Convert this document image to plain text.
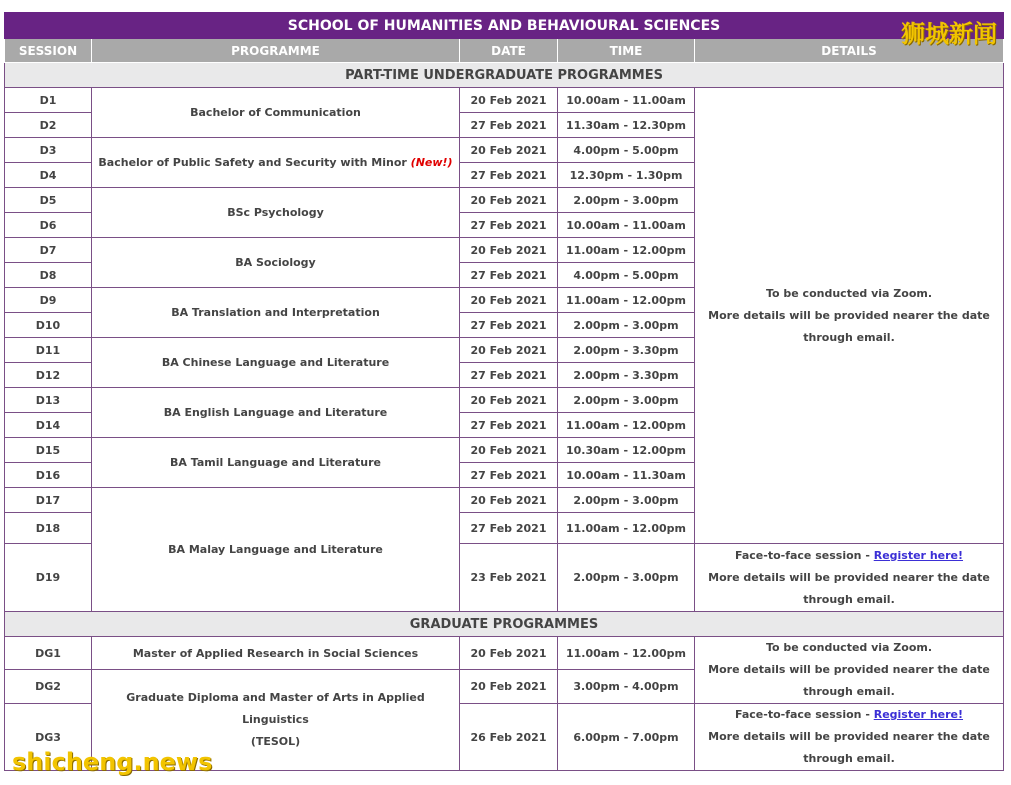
SCHOOL OF HUMANITIES AND BEHAVIOURAL SCIENCES				
SESSION	PROGRAMME	DATE	TIME	DETAILS
PART-TIME UNDERGRADUATE PROGRAMMES				
D1	Bachelor of Communication	20 Feb 2021	10.00am - 11.00am	To be conducted via Zoom.
More details will be provided nearer the date
through email.
D2		27 Feb 2021	11.30am - 12.30pm	
D3	Bachelor of Public Safety and Security with Minor (New!)	20 Feb 2021	4.00pm - 5.00pm	
D4		27 Feb 2021	12.30pm - 1.30pm	
D5	BSc Psychology	20 Feb 2021	2.00pm - 3.00pm	
D6		27 Feb 2021	10.00am - 11.00am	
D7	BA Sociology	20 Feb 2021	11.00am - 12.00pm	
D8		27 Feb 2021	4.00pm - 5.00pm	
D9	BA Translation and Interpretation	20 Feb 2021	11.00am - 12.00pm	
D10		27 Feb 2021	2.00pm - 3.00pm	
D11	BA Chinese Language and Literature	20 Feb 2021	2.00pm - 3.30pm	
D12		27 Feb 2021	2.00pm - 3.30pm	
D13	BA English Language and Literature	20 Feb 2021	2.00pm - 3.00pm	
D14		27 Feb 2021	11.00am - 12.00pm	
D15	BA Tamil Language and Literature	20 Feb 2021	10.30am - 12.00pm	
D16		27 Feb 2021	10.00am - 11.30am	
D17	BA Malay Language and Literature	20 Feb 2021	2.00pm - 3.00pm	
D18		27 Feb 2021	11.00am - 12.00pm	
D19		23 Feb 2021	2.00pm - 3.00pm	Face-to-face session - Register here!
More details will be provided nearer the date
through email.
GRADUATE PROGRAMMES				
DG1	Master of Applied Research in Social Sciences	20 Feb 2021	11.00am - 12.00pm	To be conducted via Zoom.
More details will be provided nearer the date
through email.
DG2	Graduate Diploma and Master of Arts in Applied Linguistics
(TESOL)	20 Feb 2021	3.00pm - 4.00pm	
DG3		26 Feb 2021	6.00pm - 7.00pm	Face-to-face session - Register here!
More details will be provided nearer the date
through email.
狮城新闻
shicheng.news
